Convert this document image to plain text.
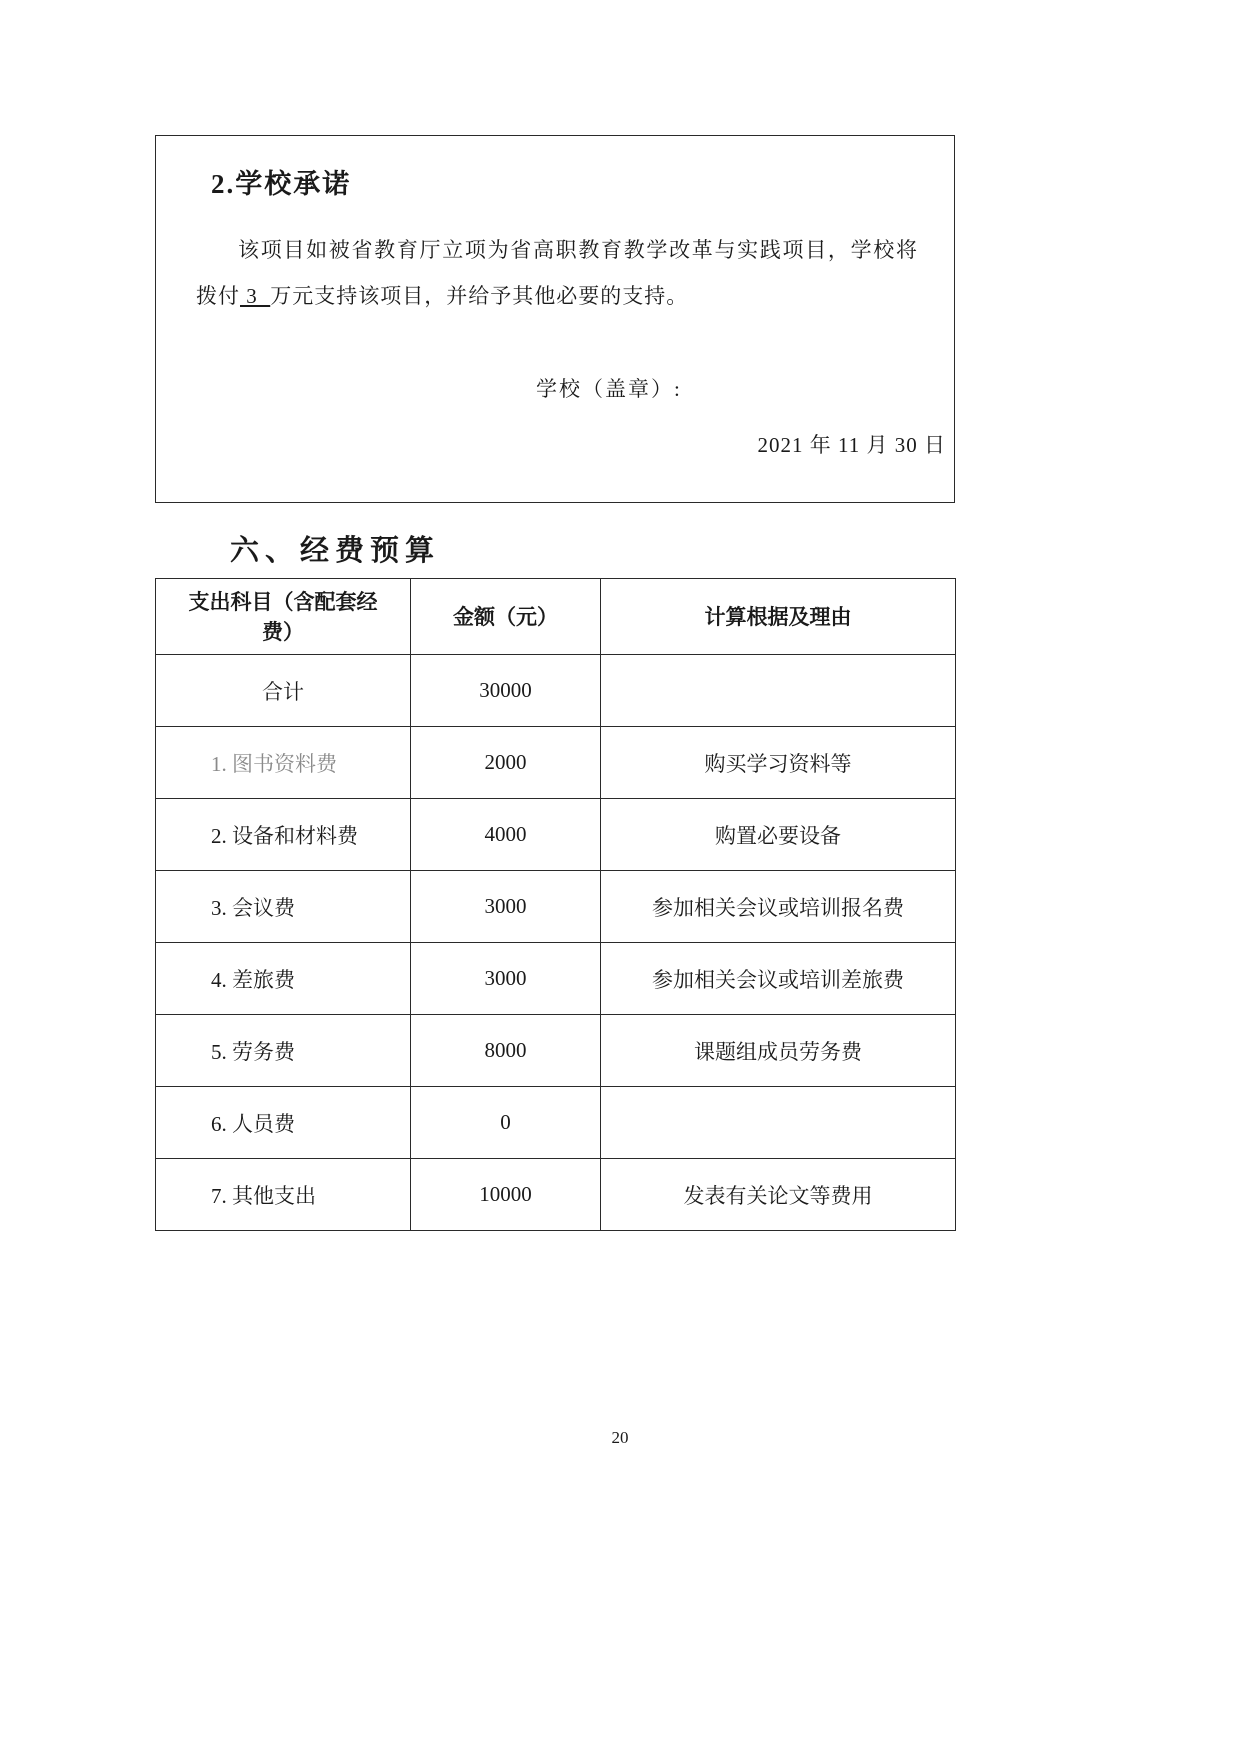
2.学校承诺

该项目如被省教育厅立项为省高职教育教学改革与实践项目，学校将拨付 3  万元支持该项目，并给予其他必要的支持。

学校（盖章）:
2021 年 11 月 30 日
六、经费预算
支出科目（含配套经费）	金额（元）	计算根据及理由
合计	30000	
1. 图书资料费	2000	购买学习资料等
2. 设备和材料费	4000	购置必要设备
3. 会议费	3000	参加相关会议或培训报名费
4. 差旅费	3000	参加相关会议或培训差旅费
5. 劳务费	8000	课题组成员劳务费
6. 人员费	0	
7. 其他支出	10000	发表有关论文等费用
20
